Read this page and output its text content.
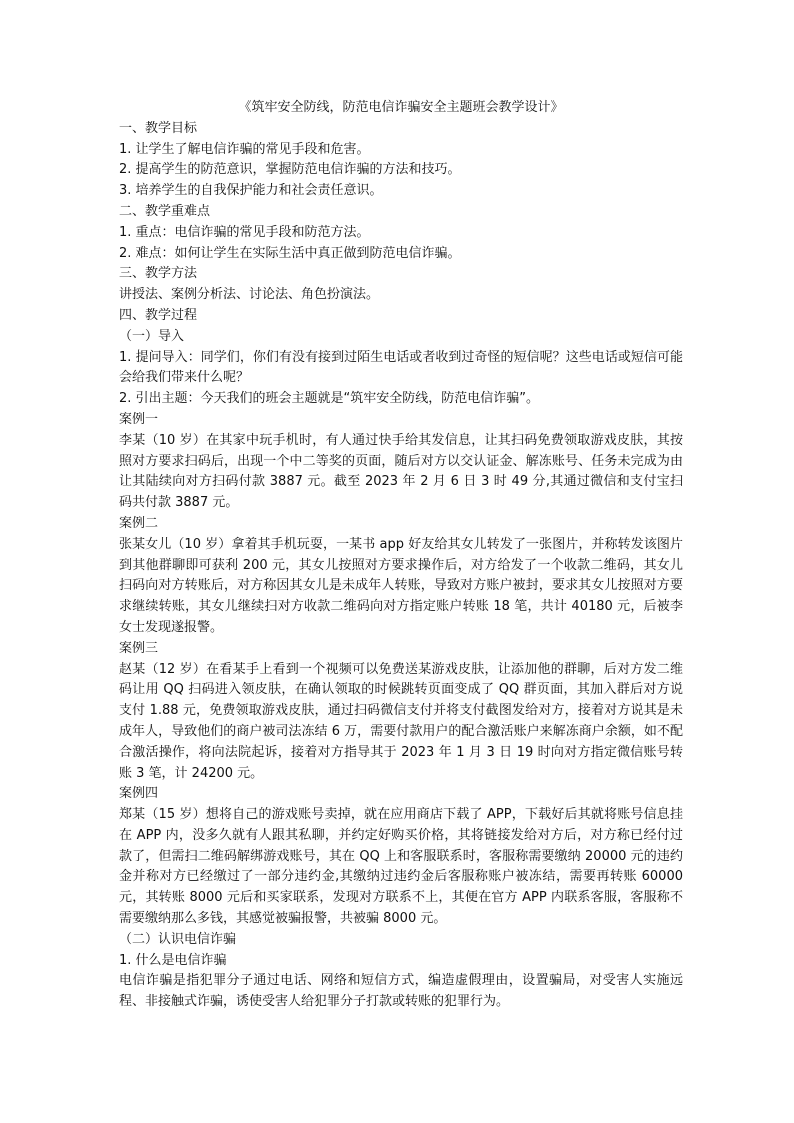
《筑牢安全防线，防范电信诈骗安全主题班会教学设计》

一、教学目标

1. 让学生了解电信诈骗的常见手段和危害。

2. 提高学生的防范意识，掌握防范电信诈骗的方法和技巧。

3. 培养学生的自我保护能力和社会责任意识。

二、教学重难点

1. 重点：电信诈骗的常见手段和防范方法。

2. 难点：如何让学生在实际生活中真正做到防范电信诈骗。

三、教学方法

讲授法、案例分析法、讨论法、角色扮演法。

四、教学过程

（一）导入

1. 提问导入：同学们，你们有没有接到过陌生电话或者收到过奇怪的短信呢？这些电话或短信可能会给我们带来什么呢？

2. 引出主题：今天我们的班会主题就是“筑牢安全防线，防范电信诈骗”。

案例一

李某（10 岁）在其家中玩手机时，有人通过快手给其发信息，让其扫码免费领取游戏皮肤，其按照对方要求扫码后，出现一个中二等奖的页面，随后对方以交认证金、解冻账号、任务未完成为由让其陆续向对方扫码付款 3887 元。截至 2023 年 2 月 6 日 3 时 49 分,其通过微信和支付宝扫码共付款 3887 元。

案例二

张某女儿（10 岁）拿着其手机玩耍，一某书 app 好友给其女儿转发了一张图片，并称转发该图片到其他群聊即可获利 200 元，其女儿按照对方要求操作后，对方给发了一个收款二维码，其女儿扫码向对方转账后，对方称因其女儿是未成年人转账，导致对方账户被封，要求其女儿按照对方要求继续转账，其女儿继续扫对方收款二维码向对方指定账户转账 18 笔，共计 40180 元，后被李女士发现遂报警。

案例三

赵某（12 岁）在看某手上看到一个视频可以免费送某游戏皮肤，让添加他的群聊，后对方发二维码让用 QQ 扫码进入领皮肤，在确认领取的时候跳转页面变成了 QQ 群页面，其加入群后对方说支付 1.88 元，免费领取游戏皮肤，通过扫码微信支付并将支付截图发给对方，接着对方说其是未成年人，导致他们的商户被司法冻结 6 万，需要付款用户的配合激活账户来解冻商户余额，如不配合激活操作，将向法院起诉，接着对方指导其于 2023 年 1 月 3 日 19 时向对方指定微信账号转账 3 笔，计 24200 元。

案例四

郑某（15 岁）想将自己的游戏账号卖掉，就在应用商店下载了 APP，下载好后其就将账号信息挂在 APP 内，没多久就有人跟其私聊，并约定好购买价格，其将链接发给对方后，对方称已经付过款了，但需扫二维码解绑游戏账号，其在 QQ 上和客服联系时，客服称需要缴纳 20000 元的违约金并称对方已经缴过了一部分违约金,其缴纳过违约金后客服称账户被冻结，需要再转账 60000 元，其转账 8000 元后和买家联系，发现对方联系不上，其便在官方 APP 内联系客服，客服称不需要缴纳那么多钱，其感觉被骗报警，共被骗 8000 元。

（二）认识电信诈骗

1. 什么是电信诈骗

电信诈骗是指犯罪分子通过电话、网络和短信方式，编造虚假理由，设置骗局，对受害人实施远程、非接触式诈骗，诱使受害人给犯罪分子打款或转账的犯罪行为。
